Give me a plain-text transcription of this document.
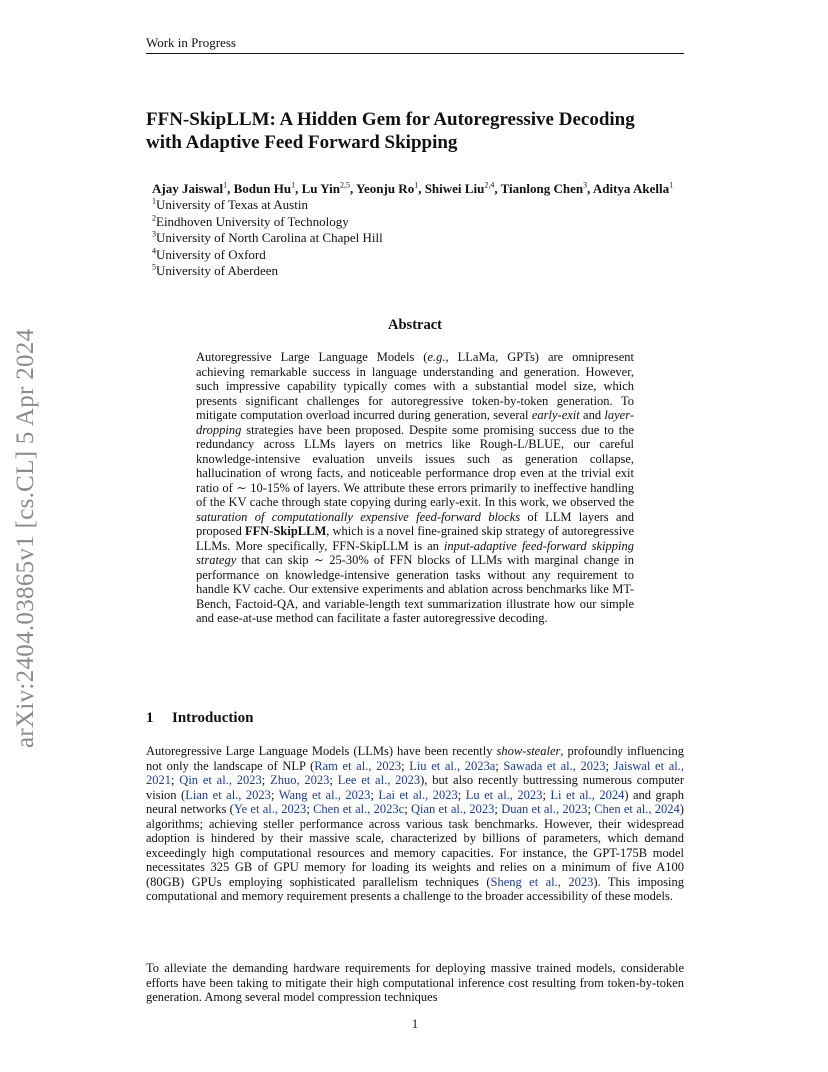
Work in Progress
arXiv:2404.03865v1 [cs.CL] 5 Apr 2024
FFN-SkipLLM: A Hidden Gem for Autoregressive Decoding
with Adaptive Feed Forward Skipping
Ajay Jaiswal$^1$, Bodun Hu$^1$, Lu Yin$^{2,5}$, Yeonju Ro$^1$, Shiwei Liu$^{2,4}$, Tianlong Chen$^3$, Aditya Akella$^1$
$^1$University of Texas at Austin
$^2$Eindhoven University of Technology
$^3$University of North Carolina at Chapel Hill
$^4$University of Oxford
$^5$University of Aberdeen
Abstract

Autoregressive Large Language Models (e.g., LLaMa, GPTs) are omnipresent achieving remarkable success in language understanding and generation. However, such impressive capability typically comes with a substantial model size, which presents significant challenges for autoregressive token-by-token generation. To mitigate computation overload incurred during generation, several early-exit and layer-dropping strategies have been proposed. Despite some promising success due to the redundancy across LLMs layers on metrics like Rough-L/BLUE, our careful knowledge-intensive evaluation unveils issues such as generation collapse, hallucination of wrong facts, and noticeable performance drop even at the trivial exit ratio of ∼ 10-15% of layers. We attribute these errors primarily to ineffective handling of the KV cache through state copying during early-exit. In this work, we observed the saturation of computationally expensive feed-forward blocks of LLM layers and proposed FFN-SkipLLM, which is a novel fine-grained skip strategy of autoregressive LLMs. More specifically, FFN-SkipLLM is an input-adaptive feed-forward skipping strategy that can skip ∼ 25-30% of FFN blocks of LLMs with marginal change in performance on knowledge-intensive generation tasks without any requirement to handle KV cache. Our extensive experiments and ablation across benchmarks like MT-Bench, Factoid-QA, and variable-length text summarization illustrate how our simple and ease-at-use method can facilitate a faster autoregressive decoding.

1 Introduction

Autoregressive Large Language Models (LLMs) have been recently show-stealer, profoundly influencing not only the landscape of NLP (Ram et al., 2023; Liu et al., 2023a; Sawada et al., 2023; Jaiswal et al., 2021; Qin et al., 2023; Zhuo, 2023; Lee et al., 2023), but also recently buttressing numerous computer vision (Lian et al., 2023; Wang et al., 2023; Lai et al., 2023; Lu et al., 2023; Li et al., 2024) and graph neural networks (Ye et al., 2023; Chen et al., 2023c; Qian et al., 2023; Duan et al., 2023; Chen et al., 2024) algorithms; achieving steller performance across various task benchmarks. However, their widespread adoption is hindered by their massive scale, characterized by billions of parameters, which demand exceedingly high computational resources and memory capacities. For instance, the GPT-175B model necessitates 325 GB of GPU memory for loading its weights and relies on a minimum of five A100 (80GB) GPUs employing sophisticated parallelism techniques (Sheng et al., 2023). This imposing computational and memory requirement presents a challenge to the broader accessibility of these models.

To alleviate the demanding hardware requirements for deploying massive trained models, considerable efforts have been taking to mitigate their high computational inference cost resulting from token-by-token generation. Among several model compression techniques

1
